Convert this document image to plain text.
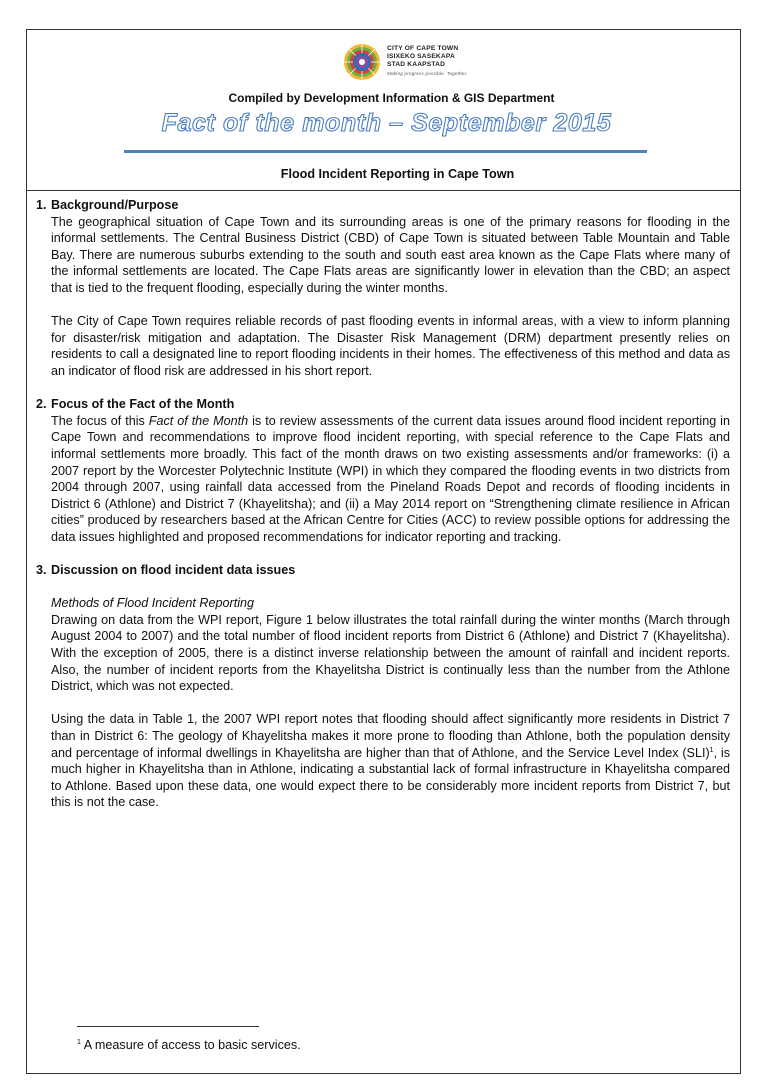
CITY OF CAPE TOWN
ISIXEKO SASEKAPA
STAD KAAPSTAD
Making progress possible. Together.
Compiled by Development Information & GIS Department
Fact of the month – September 2015
Flood Incident Reporting in Cape Town
1. Background/Purpose

The geographical situation of Cape Town and its surrounding areas is one of the primary reasons for flooding in the informal settlements. The Central Business District (CBD) of Cape Town is situated between Table Mountain and Table Bay. There are numerous suburbs extending to the south and south east area known as the Cape Flats where many of the informal settlements are located. The Cape Flats areas are significantly lower in elevation than the CBD; an aspect that is tied to the frequent flooding, especially during the winter months.

The City of Cape Town requires reliable records of past flooding events in informal areas, with a view to inform planning for disaster/risk mitigation and adaptation. The Disaster Risk Management (DRM) department presently relies on residents to call a designated line to report flooding incidents in their homes. The effectiveness of this method and data as an indicator of flood risk are addressed in his short report.

2. Focus of the Fact of the Month

The focus of this Fact of the Month is to review assessments of the current data issues around flood incident reporting in Cape Town and recommendations to improve flood incident reporting, with special reference to the Cape Flats and informal settlements more broadly. This fact of the month draws on two existing assessments and/or frameworks: (i) a 2007 report by the Worcester Polytechnic Institute (WPI) in which they compared the flooding events in two districts from 2004 through 2007, using rainfall data accessed from the Pineland Roads Depot and records of flooding incidents in District 6 (Athlone) and District 7 (Khayelitsha); and (ii) a May 2014 report on “Strengthening climate resilience in African cities” produced by researchers based at the African Centre for Cities (ACC) to review possible options for addressing the data issues highlighted and proposed recommendations for indicator reporting and tracking.

3. Discussion on flood incident data issues

Methods of Flood Incident Reporting

Drawing on data from the WPI report, Figure 1 below illustrates the total rainfall during the winter months (March through August 2004 to 2007) and the total number of flood incident reports from District 6 (Athlone) and District 7 (Khayelitsha). With the exception of 2005, there is a distinct inverse relationship between the amount of rainfall and incident reports. Also, the number of incident reports from the Khayelitsha District is continually less than the number from the Athlone District, which was not expected.

Using the data in Table 1, the 2007 WPI report notes that flooding should affect significantly more residents in District 7 than in District 6: The geology of Khayelitsha makes it more prone to flooding than Athlone, both the population density and percentage of informal dwellings in Khayelitsha are higher than that of Athlone, and the Service Level Index (SLI)$^1$, is much higher in Khayelitsha than in Athlone, indicating a substantial lack of formal infrastructure in Khayelitsha compared to Athlone. Based upon these data, one would expect there to be considerably more incident reports from District 7, but this is not the case.

$^1$ A measure of access to basic services.
